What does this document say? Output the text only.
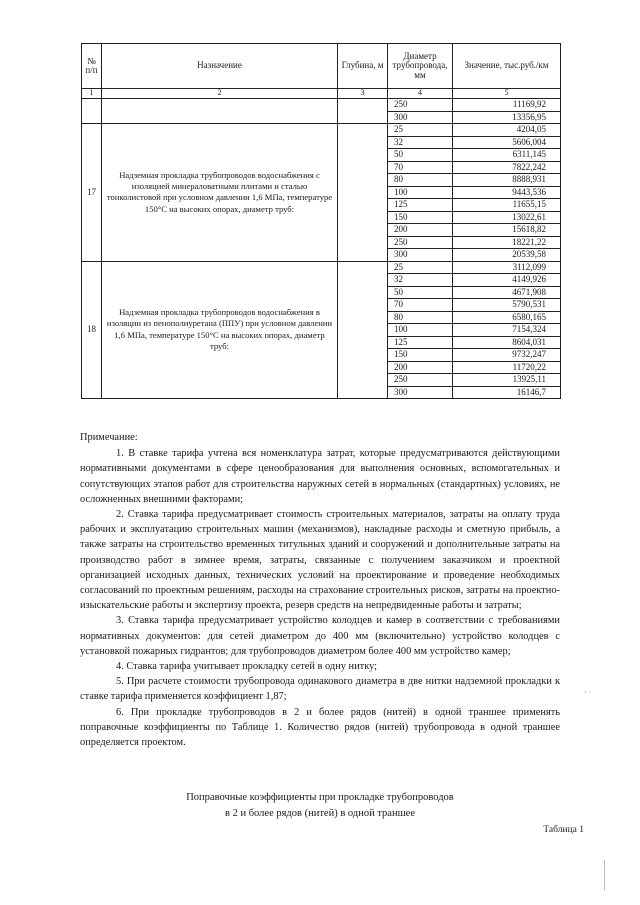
№ п/п	Назначение	Глубина, м	Диаметр трубопровода, мм	Значение, тыс.руб./км
1	2	3	4	5
			250	11169,92
			300	13356,95
17	Надземная прокладка трубопроводов водоснабжения с изоляцией минераловатными плитами и сталью тонколистовой при условном давлении 1,6 МПа, температуре 150°С на высоких опорах, диаметр труб:		25	4204,05
			32	5606,004
			50	6311,145
			70	7822,242
			80	8888,931
			100	9443,536
			125	11655,15
			150	13022,61
			200	15618,82
			250	18221,22
			300	20539,58
18	Надземная прокладка трубопроводов водоснабжения в изоляции из пенополиуретана (ППУ) при условном давлении 1,6 МПа, температуре 150°С на высоких опорах, диаметр труб:		25	3112,099
			32	4149,926
			50	4671,908
			70	5790,531
			80	6580,165
			100	7154,324
			125	8604,031
			150	9732,247
			200	11720,22
			250	13925,11
			300	16146,7

Примечание:

1. В ставке тарифа учтена вся номенклатура затрат, которые предусматриваются действующими нормативными документами в сфере ценообразования для выполнения основных, вспомогательных и сопутствующих этапов работ для строительства наружных сетей в нормальных (стандартных) условиях, не осложненных внешними факторами;

2. Ставка тарифа предусматривает стоимость строительных материалов, затраты на оплату труда рабочих и эксплуатацию строительных машин (механизмов), накладные расходы и сметную прибыль, а также затраты на строительство временных титульных зданий и сооружений и дополнительные затраты на производство работ в зимнее время, затраты, связанные с получением заказчиком и проектной организацией исходных данных, технических условий на проектирование и проведение необходимых согласований по проектным решениям, расходы на страхование строительных рисков, затраты на проектно-изыскательские работы и экспертизу проекта, резерв средств на непредвиденные работы и затраты;

3. Ставка тарифа предусматривает устройство колодцев и камер в соответствии с требованиями нормативных документов: для сетей диаметром до 400 мм (включительно) устройство колодцев с установкой пожарных гидрантов; для трубопроводов диаметром более 400 мм устройство камер;

4. Ставка тарифа учитывает прокладку сетей в одну нитку;

5. При расчете стоимости трубопровода одинакового диаметра в две нитки надземной прокладки к ставке тарифа применяется коэффициент 1,87;

6. При прокладке трубопроводов в 2 и более рядов (нитей) в одной траншее применять поправочные коэффициенты по Таблице 1. Количество рядов (нитей) трубопровода в одной траншее определяется проектом.

Поправочные коэффициенты при прокладке трубопроводов
в 2 и более рядов (нитей) в одной траншее
Таблица 1
· ·
